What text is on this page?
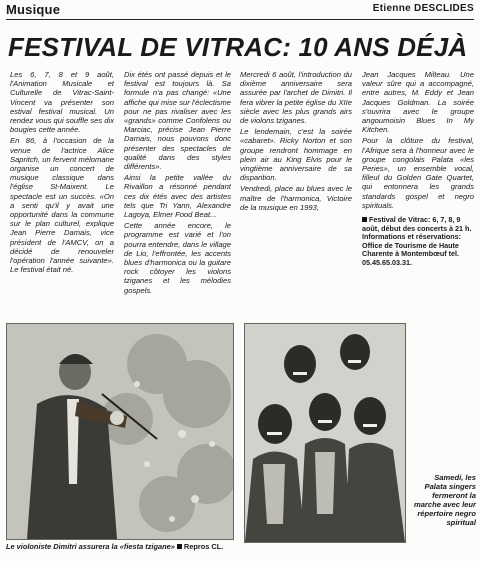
Musique	Etienne DESCLIDES
FESTIVAL DE VITRAC: 10 ANS DÉJÀ

Les 6, 7, 8 et 9 août, l'Animation Musicale et Culturelle de Vitrac-Saint-Vincent va présenter son estival festival musical. Un rendez vous qui souffle ses dix bougies cette année.

En 86, à l'occasion de la venue de l'actrice Alice Sapritch, un fervent mélomane organise un concert de musique classique dans l'église St-Maixent. Le spectacle est un succès. «On a senti qu'il y avait une opportunité dans la commune sur le plan culturel, explique Jean Pierre Damais, vice président de l'AMCV, on a décidé de renouveler l'opération l'année suivante». Le festival était né.

Dix étés ont passé depuis et le festival est toujours là. Sa formule n'a pas changé: «Une affiche qui mise sur l'éclectisme pour ne pas rivaliser avec les «grands» comme Confolens ou Marciac, précise Jean Pierre Damais, nous pouvons donc présenter des spectacles de qualité dans des styles différents».

Ainsi la petite vallée du Rivaillon a résonné pendant ces dix étés avec des artistes tels que Tri Yann, Alexandre Lagoya, Elmer Food Beat...

Cette année encore, le programme est varié et l'on pourra entendre, dans le village de Lio, l'effrontée, les accents blues d'harmonica ou la guitare rock côtoyer les violons tziganes et les mélodies gospels.

Mercredi 6 août, l'introduction du dixième anniversaire sera assurée par l'archet de Dimitri. Il fera vibrer la petite église du XIIe siècle avec les plus grands airs de violons tziganes.

Le lendemain, c'est la soirée «cabaret». Ricky Norton et son groupe rendront hommage en plein air au King Elvis pour le vingtième anniversaire de sa disparition.

Vendredi, place au blues avec le maître de l'harmonica, Victoire de la musique en 1993,

Jean Jacques Milteau. Une valeur sûre qui a accompagné, entre autres, M. Eddy et Jean Jacques Goldman. La soirée s'ouvrira avec le groupe angoumoisin Blues In My Kitchen.

Pour la clôture du festival, l'Afrique sera à l'honneur avec le groupe congolais Palata «les Peries», un ensemble vocal, filleul du Golden Gate Quartet, qui entonnera les grands standards gospel et negro spirituals.

Festival de Vitrac: 6, 7, 8, 9 août, début des concerts à 21 h. Informations et réservations: Office de Tourisme de Haute Charente à Montembœuf tel. 05.45.65.03.31.
Le violoniste Dimitri assurera la «fiesta tzigane» Repros CL.
Samedi, les Palata singers fermeront la marche avec leur répertoire negro spiritual
